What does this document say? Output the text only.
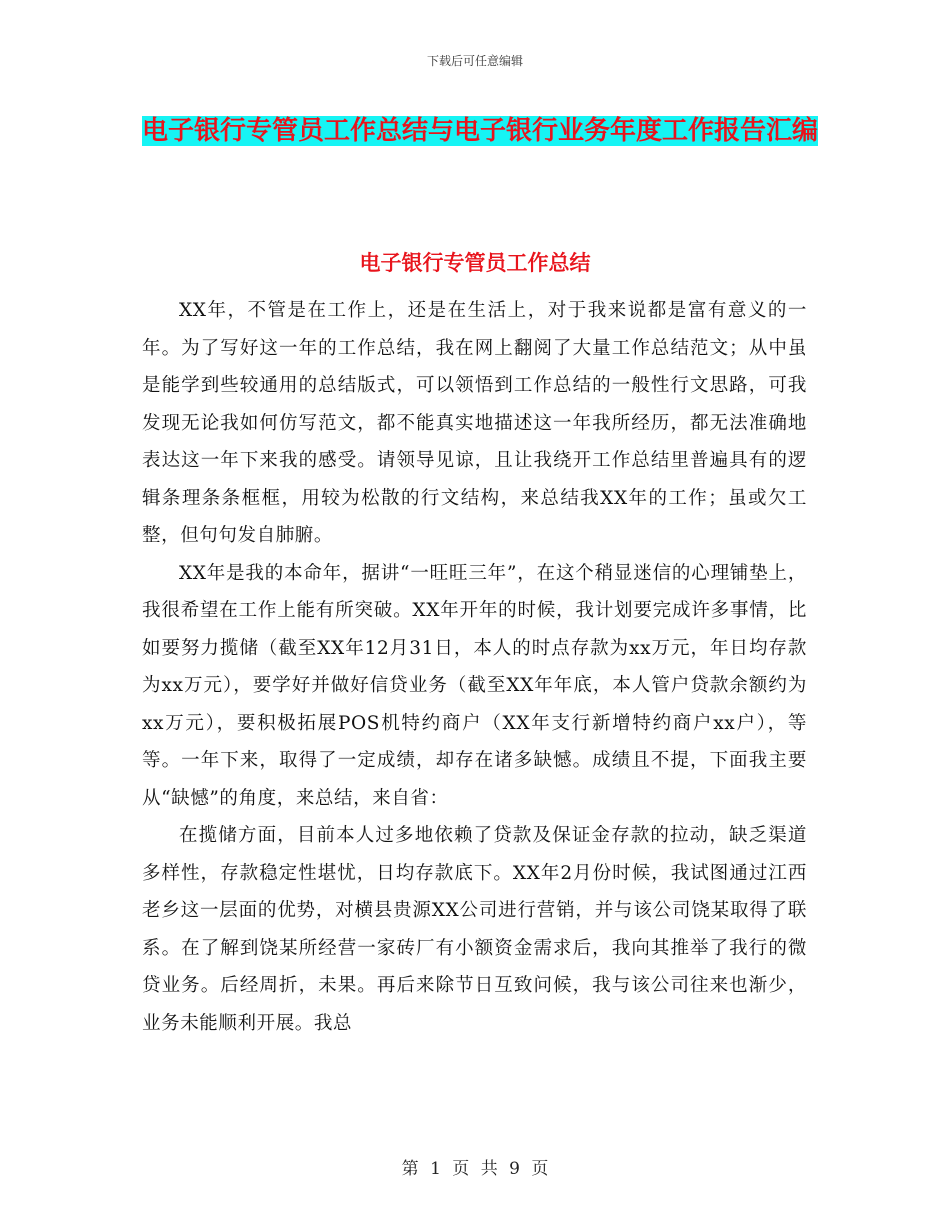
下载后可任意编辑
电子银行专管员工作总结与电子银行业务年度工作报告汇编
电子银行专管员工作总结

XX年，不管是在工作上，还是在生活上，对于我来说都是富有意义的一年。为了写好这一年的工作总结，我在网上翻阅了大量工作总结范文；从中虽是能学到些较通用的总结版式，可以领悟到工作总结的一般性行文思路，可我发现无论我如何仿写范文，都不能真实地描述这一年我所经历，都无法准确地表达这一年下来我的感受。请领导见谅，且让我绕开工作总结里普遍具有的逻辑条理条条框框，用较为松散的行文结构，来总结我XX年的工作；虽或欠工整，但句句发自肺腑。

XX年是我的本命年，据讲“一旺旺三年”，在这个稍显迷信的心理铺垫上，我很希望在工作上能有所突破。XX年开年的时候，我计划要完成许多事情，比如要努力揽储（截至XX年12月31日，本人的时点存款为xx万元，年日均存款为xx万元），要学好并做好信贷业务（截至XX年年底，本人管户贷款余额约为xx万元），要积极拓展POS机特约商户（XX年支行新增特约商户xx户），等等。一年下来，取得了一定成绩，却存在诸多缺憾。成绩且不提，下面我主要从“缺憾”的角度，来总结，来自省：

在揽储方面，目前本人过多地依赖了贷款及保证金存款的拉动，缺乏渠道多样性，存款稳定性堪忧，日均存款底下。XX年2月份时候，我试图通过江西老乡这一层面的优势，对横县贵源XX公司进行营销，并与该公司饶某取得了联系。在了解到饶某所经营一家砖厂有小额资金需求后，我向其推举了我行的微贷业务。后经周折，未果。再后来除节日互致问候，我与该公司往来也渐少，业务未能顺利开展。我总

第 1 页 共 9 页
